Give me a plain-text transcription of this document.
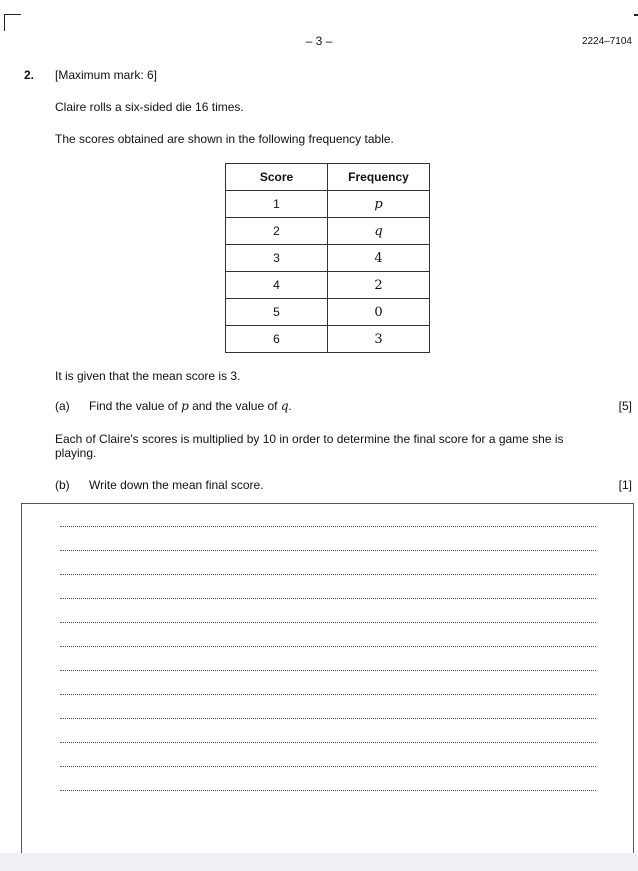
– 3 –	2224–7104
2. [Maximum mark: 6]
Claire rolls a six-sided die 16 times.
The scores obtained are shown in the following frequency table.
Score	Frequency
1	p
2	q
3	4
4	2
5	0
6	3
It is given that the mean score is 3.
(a) Find the value of p and the value of q.	[5]
Each of Claire's scores is multiplied by 10 in order to determine the final score for a game she is playing.
(b) Write down the mean final score.	[1]
